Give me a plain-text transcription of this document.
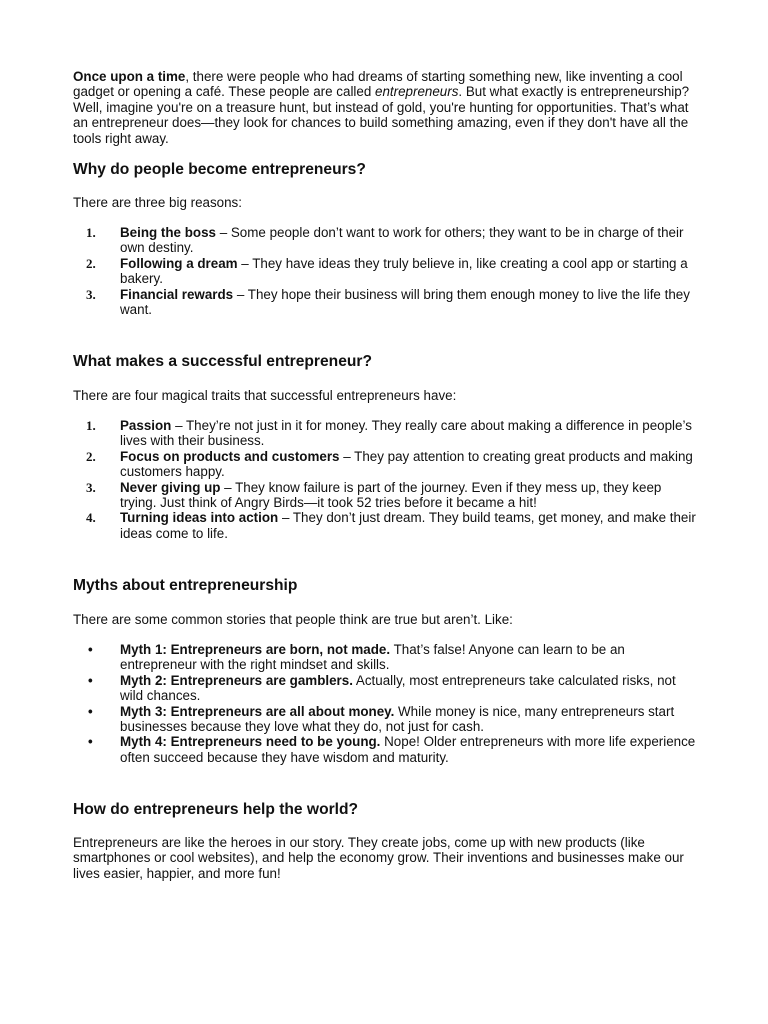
Once upon a time, there were people who had dreams of starting something new, like inventing a cool gadget or opening a café. These people are called entrepreneurs. But what exactly is entrepreneurship? Well, imagine you're on a treasure hunt, but instead of gold, you're hunting for opportunities. That’s what an entrepreneur does—they look for chances to build something amazing, even if they don't have all the tools right away.

Why do people become entrepreneurs?

There are three big reasons:

1.	Being the boss – Some people don’t want to work for others; they want to be in charge of their own destiny.
2.	Following a dream – They have ideas they truly believe in, like creating a cool app or starting a bakery.
3.	Financial rewards – They hope their business will bring them enough money to live the life they want.
What makes a successful entrepreneur?

There are four magical traits that successful entrepreneurs have:

1.	Passion – They’re not just in it for money. They really care about making a difference in people’s lives with their business.
2.	Focus on products and customers – They pay attention to creating great products and making customers happy.
3.	Never giving up – They know failure is part of the journey. Even if they mess up, they keep trying. Just think of Angry Birds—it took 52 tries before it became a hit!
4.	Turning ideas into action – They don’t just dream. They build teams, get money, and make their ideas come to life.
Myths about entrepreneurship

There are some common stories that people think are true but aren’t. Like:

• Myth 1: Entrepreneurs are born, not made. That’s false! Anyone can learn to be an entrepreneur with the right mindset and skills.
• Myth 2: Entrepreneurs are gamblers. Actually, most entrepreneurs take calculated risks, not wild chances.
• Myth 3: Entrepreneurs are all about money. While money is nice, many entrepreneurs start businesses because they love what they do, not just for cash.
• Myth 4: Entrepreneurs need to be young. Nope! Older entrepreneurs with more life experience often succeed because they have wisdom and maturity.
How do entrepreneurs help the world?

Entrepreneurs are like the heroes in our story. They create jobs, come up with new products (like smartphones or cool websites), and help the economy grow. Their inventions and businesses make our lives easier, happier, and more fun!
